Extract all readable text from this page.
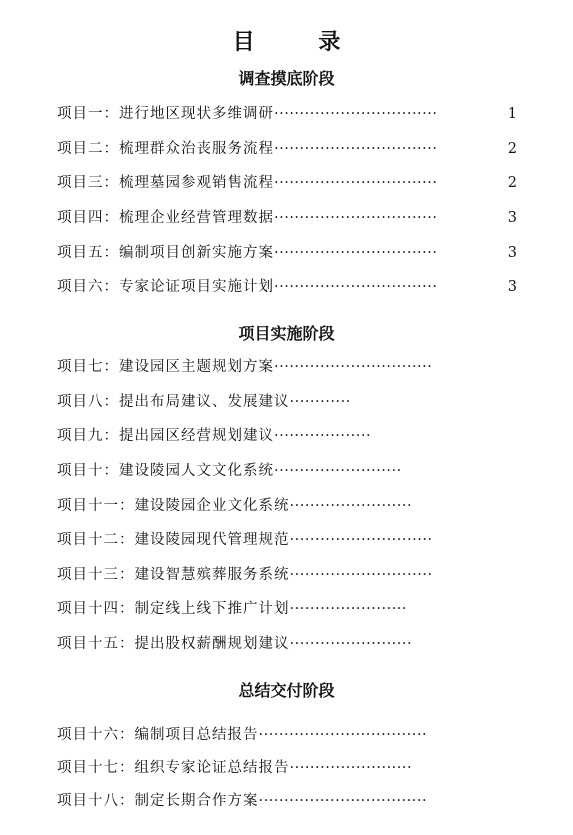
目 录
调查摸底阶段
项目一：进行地区现状多维调研································	1
项目二：梳理群众治丧服务流程································	2
项目三：梳理墓园参观销售流程································	2
项目四：梳理企业经营管理数据································	3
项目五：编制项目创新实施方案································	3
项目六：专家论证项目实施计划································	3
项目实施阶段
项目七：建设园区主题规划方案·······························
项目八：提出布局建议、发展建议············
项目九：提出园区经营规划建议···················
项目十：建设陵园人文文化系统·························
项目十一：建设陵园企业文化系统························
项目十二：建设陵园现代管理规范····························
项目十三：建设智慧殡葬服务系统····························
项目十四：制定线上线下推广计划·······················
项目十五：提出股权薪酬规划建议························
总结交付阶段
项目十六：编制项目总结报告·································
项目十七：组织专家论证总结报告························
项目十八：制定长期合作方案·································
